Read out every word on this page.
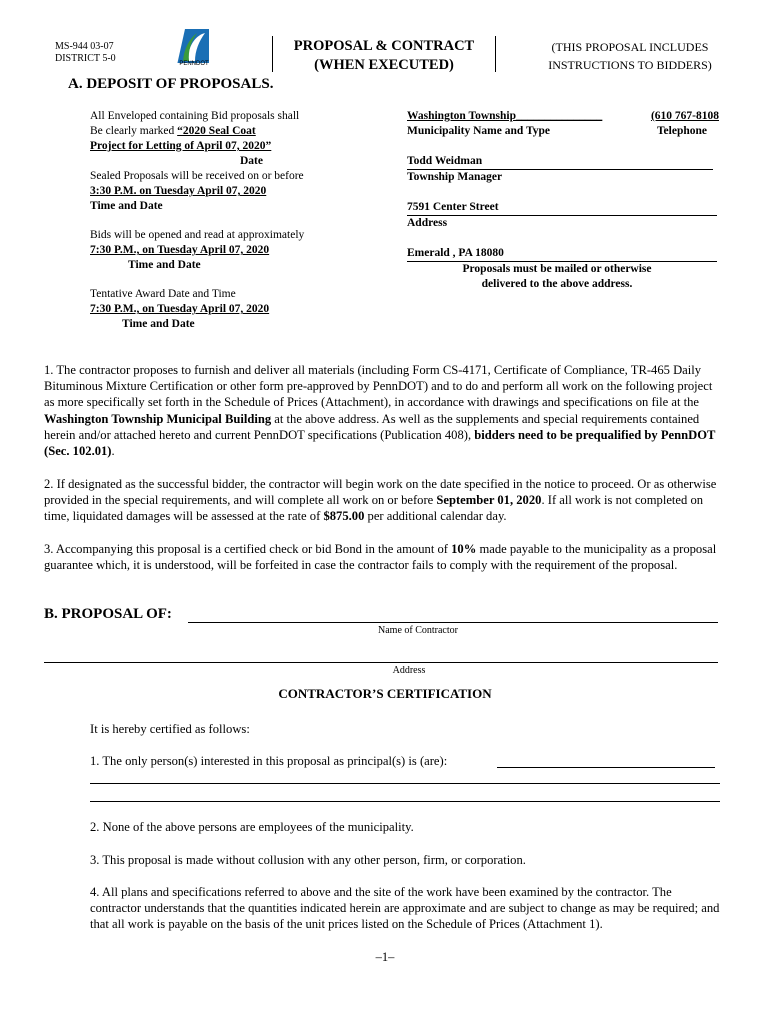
MS-944 03-07
DISTRICT 5-0	PENNDOT
PROPOSAL & CONTRACT
(WHEN EXECUTED)
(THIS PROPOSAL INCLUDES
INSTRUCTIONS TO BIDDERS)
A. DEPOSIT OF PROPOSALS.
All Enveloped containing Bid proposals shall
Be clearly marked “2020 Seal Coat
Project for Letting of April 07, 2020”
Date
Sealed Proposals will be received on or before
3:30 P.M. on Tuesday April 07, 2020
Time and Date
Bids will be opened and read at approximately
7:30 P.M., on Tuesday April 07, 2020
Time and Date
Tentative Award Date and Time
7:30 P.M., on Tuesday April 07, 2020
Time and Date
Washington Township_______________	(610 767-8108
Municipality Name and Type	Telephone
Todd Weidman
Township Manager
7591 Center Street
Address
Emerald , PA 18080
Proposals must be mailed or otherwise
delivered to the above address.
1. The contractor proposes to furnish and deliver all materials (including Form CS-4171, Certificate of Compliance, TR-465 Daily Bituminous Mixture Certification or other form pre-approved by PennDOT) and to do and perform all work on the following project as more specifically set forth in the Schedule of Prices (Attachment), in accordance with drawings and specifications on file at the Washington Township Municipal Building at the above address. As well as the supplements and special requirements contained herein and/or attached hereto and current PennDOT specifications (Publication 408), bidders need to be prequalified by PennDOT (Sec. 102.01).
2. If designated as the successful bidder, the contractor will begin work on the date specified in the notice to proceed. Or as otherwise provided in the special requirements, and will complete all work on or before September 01, 2020. If all work is not completed on time, liquidated damages will be assessed at the rate of $875.00 per additional calendar day.
3. Accompanying this proposal is a certified check or bid Bond in the amount of 10% made payable to the municipality as a proposal guarantee which, it is understood, will be forfeited in case the contractor fails to comply with the requirement of the proposal.
B. PROPOSAL OF:
Name of Contractor
Address
CONTRACTOR’S CERTIFICATION
It is hereby certified as follows:
1. The only person(s) interested in this proposal as principal(s) is (are):
2. None of the above persons are employees of the municipality.
3. This proposal is made without collusion with any other person, firm, or corporation.
4. All plans and specifications referred to above and the site of the work have been examined by the contractor. The contractor understands that the quantities indicated herein are approximate and are subject to change as may be required; and that all work is payable on the basis of the unit prices listed on the Schedule of Prices (Attachment 1).
–1–
